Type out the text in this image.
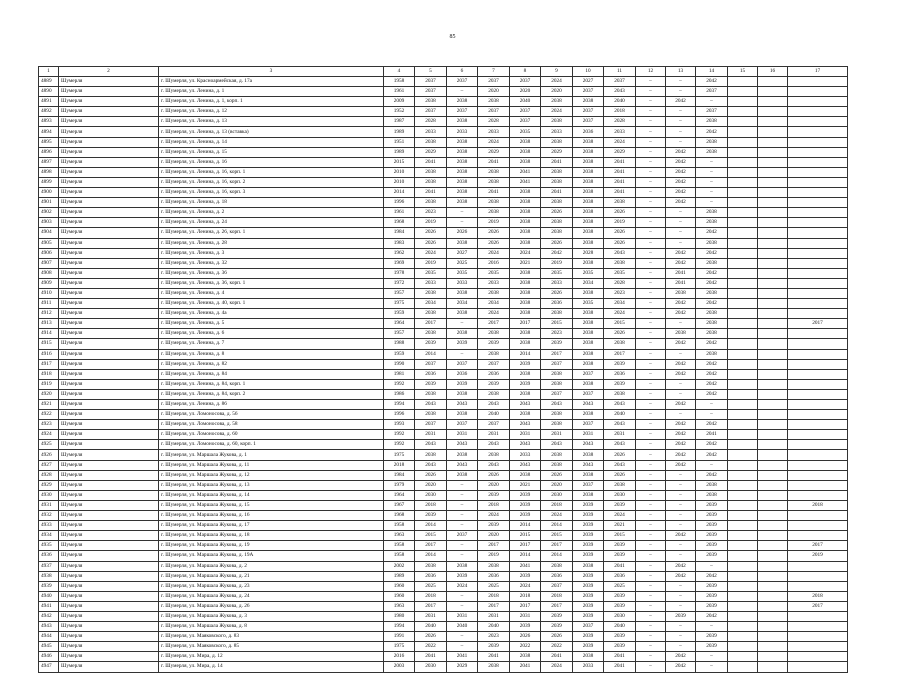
85
1	2	3	4	5	6	7	8	9	10	11	12	13	14	15	16	17
4889	Шумерля	г. Шумерля, ул. Красноармейская, д. 17а	1958	2037	2037	2037	2037	2024	2027	2037	–	–	2042			
4890	Шумерля	г. Шумерля, ул. Ленина, д. 1	1961	2037	–	2020	2020	2020	2037	2043	–	–	2037			
4891	Шумерля	г. Шумерля, ул. Ленина, д. 1, корп. 1	2009	2038	2038	2038	2040	2038	2038	2040	–	2042	–			
4892	Шумерля	г. Шумерля, ул. Ленина, д. 12	1952	2037	2037	2037	2037	2024	2037	2018	–	–	2037			
4893	Шумерля	г. Шумерля, ул. Ленина, д. 13	1987	2028	2038	2028	2037	2038	2037	2028	–	–	2038			
4894	Шумерля	г. Шумерля, ул. Ленина, д. 13 (вставка)	1989	2033	2033	2033	2035	2033	2036	2033	–	–	2042			
4895	Шумерля	г. Шумерля, ул. Ленина, д. 14	1951	2038	2038	2024	2038	2038	2038	2024	–	–	2038			
4896	Шумерля	г. Шумерля, ул. Ленина, д. 15	1989	2029	2038	2029	2038	2029	2038	2029	–	2042	2038			
4897	Шумерля	г. Шумерля, ул. Ленина, д. 16	2015	2041	2038	2041	2038	2041	2038	2041	–	2042	–			
4898	Шумерля	г. Шумерля, ул. Ленина, д. 16, корп. 1	2010	2038	2038	2038	2041	2038	2038	2041	–	2042	–			
4899	Шумерля	г. Шумерля, ул. Ленина, д. 16, корп. 2	2010	2038	2038	2038	2041	2038	2038	2041	–	2042	–			
4900	Шумерля	г. Шумерля, ул. Ленина, д. 16, корп. 3	2014	2041	2038	2041	2038	2041	2038	2041	–	2042	–			
4901	Шумерля	г. Шумерля, ул. Ленина, д. 18	1996	2038	2038	2038	2038	2038	2038	2038	–	2042	–			
4902	Шумерля	г. Шумерля, ул. Ленина, д. 2	1961	2023	–	2038	2038	2026	2038	2026	–	–	2038			
4903	Шумерля	г. Шумерля, ул. Ленина, д. 24	1968	2019	–	2019	2038	2038	2038	2019	–	–	2038			
4904	Шумерля	г. Шумерля, ул. Ленина, д. 26, корп. 1	1984	2026	2026	2026	2038	2038	2038	2026	–	–	2042			
4905	Шумерля	г. Шумерля, ул. Ленина, д. 28	1983	2026	2038	2026	2038	2026	2038	2026	–	–	2038			
4906	Шумерля	г. Шумерля, ул. Ленина, д. 3	1962	2024	2027	2024	2024	2042	2028	2043	–	2042	2042			
4907	Шумерля	г. Шумерля, ул. Ленина, д. 32	1969	2019	2025	2016	2021	2019	2038	2038	–	2042	2038			
4908	Шумерля	г. Шумерля, ул. Ленина, д. 36	1978	2035	2035	2035	2038	2035	2035	2035	–	2041	2042			
4909	Шумерля	г. Шумерля, ул. Ленина, д. 36, корп. 1	1972	2033	2033	2033	2038	2033	2034	2028	–	2041	2042			
4910	Шумерля	г. Шумерля, ул. Ленина, д. 4	1957	2038	2038	2038	2038	2026	2038	2023	–	2038	2038			
4911	Шумерля	г. Шумерля, ул. Ленина, д. 40, корп. 1	1975	2034	2034	2034	2038	2036	2035	2034	–	2042	2042			
4912	Шумерля	г. Шумерля, ул. Ленина, д. 4а	1959	2038	2038	2024	2038	2038	2038	2024	–	2042	2038			
4913	Шумерля	г. Шумерля, ул. Ленина, д. 5	1964	2017	–	2017	2017	2015	2038	2015	–	–	2038			2017
4914	Шумерля	г. Шумерля, ул. Ленина, д. 6	1957	2038	2038	2038	2038	2023	2038	2026	–	2038	2038			
4915	Шумерля	г. Шумерля, ул. Ленина, д. 7	1988	2039	2039	2039	2038	2039	2038	2038	–	2042	2042			
4916	Шумерля	г. Шумерля, ул. Ленина, д. 8	1959	2014	–	2038	2014	2017	2038	2017	–	–	2038			
4917	Шумерля	г. Шумерля, ул. Ленина, д. 82	1990	2037	2037	2037	2039	2037	2038	2039	–	2042	2042			
4918	Шумерля	г. Шумерля, ул. Ленина, д. 84	1981	2036	2036	2036	2038	2038	2037	2036	–	2042	2042			
4919	Шумерля	г. Шумерля, ул. Ленина, д. 84, корп. 1	1992	2039	2039	2039	2039	2038	2038	2039	–	–	2042			
4920	Шумерля	г. Шумерля, ул. Ленина, д. 84, корп. 2	1986	2038	2038	2038	2038	2037	2037	2038	–	–	2042			
4921	Шумерля	г. Шумерля, ул. Ленина, д. 86	1994	2043	2043	2043	2043	2043	2043	2043	–	2042	–			
4922	Шумерля	г. Шумерля, ул. Ломоносова, д. 56	1996	2038	2038	2040	2038	2038	2038	2040	–	–	–			
4923	Шумерля	г. Шумерля, ул. Ломоносова, д. 58	1993	2037	2037	2037	2043	2038	2037	2043	–	2042	2042			
4924	Шумерля	г. Шумерля, ул. Ломоносова, д. 60	1992	2031	2031	2031	2031	2031	2031	2031	–	2042	2041			
4925	Шумерля	г. Шумерля, ул. Ломоносова, д. 60, корп. 1	1992	2043	2043	2043	2043	2043	2043	2043	–	2042	2042			
4926	Шумерля	г. Шумерля, ул. Маршала Жукова, д. 1	1975	2038	2038	2038	2033	2038	2038	2026	–	2042	2042			
4927	Шумерля	г. Шумерля, ул. Маршала Жукова, д. 11	2018	2043	2043	2043	2043	2038	2043	2043	–	2042	–			
4928	Шумерля	г. Шумерля, ул. Маршала Жукова, д. 12	1984	2026	2038	2026	2038	2026	2038	2026	–	–	2042			
4929	Шумерля	г. Шумерля, ул. Маршала Жукова, д. 13	1979	2020	–	2020	2021	2020	2037	2038	–	–	2038			
4930	Шумерля	г. Шумерля, ул. Маршала Жукова, д. 14	1964	2030	–	2039	2039	2030	2038	2030	–	–	2038			
4931	Шумерля	г. Шумерля, ул. Маршала Жукова, д. 15	1967	2018	–	2018	2039	2018	2039	2039	–	–	2039			2018
4932	Шумерля	г. Шумерля, ул. Маршала Жукова, д. 16	1968	2039	–	2024	2039	2024	2039	2024	–	–	2039			
4933	Шумерля	г. Шумерля, ул. Маршала Жукова, д. 17	1958	2014	–	2039	2014	2014	2039	2021	–	–	2039			
4934	Шумерля	г. Шумерля, ул. Маршала Жукова, д. 18	1963	2015	2037	2020	2015	2015	2039	2015	–	2042	2039			
4935	Шумерля	г. Шумерля, ул. Маршала Жукова, д. 19	1958	2017	–	2017	2017	2017	2039	2039	–	–	2039			2017
4936	Шумерля	г. Шумерля, ул. Маршала Жукова, д. 19А	1958	2014	–	2019	2014	2014	2039	2039	–	–	2039			2019
4937	Шумерля	г. Шумерля, ул. Маршала Жукова, д. 2	2002	2038	2038	2038	2041	2038	2038	2041	–	2042	–			
4938	Шумерля	г. Шумерля, ул. Маршала Жукова, д. 21	1989	2036	2039	2036	2039	2036	2039	2036	–	2042	2042			
4939	Шумерля	г. Шумерля, ул. Маршала Жукова, д. 23	1960	2025	2024	2025	2024	2037	2039	2025	–	–	2039			
4940	Шумерля	г. Шумерля, ул. Маршала Жукова, д. 24	1960	2018	–	2018	2018	2018	2039	2039	–	–	2039			2018
4941	Шумерля	г. Шумерля, ул. Маршала Жукова, д. 26	1963	2017	–	2017	2017	2017	2039	2039	–	–	2039			2017
4942	Шумерля	г. Шумерля, ул. Маршала Жукова, д. 3	1980	2031	2031	2031	2031	2039	2039	2030	–	2039	2042			
4943	Шумерля	г. Шумерля, ул. Маршала Жукова, д. 8	1994	2040	2040	2040	2039	2039	2037	2040	–	–	–			
4944	Шумерля	г. Шумерля, ул. Маяковского, д. 83	1991	2026	–	2023	2026	2026	2039	2039	–	–	2039			
4945	Шумерля	г. Шумерля, ул. Маяковского, д. 85	1975	2022	–	2039	2022	2022	2039	2039	–	–	2039			
4946	Шумерля	г. Шумерля, ул. Мира, д. 12	2016	2041	2041	2041	2038	2041	2038	2041	–	2042	–			
4947	Шумерля	г. Шумерля, ул. Мира, д. 14	2003	2030	2029	2038	2041	2024	2033	2041	–	2042	–			
